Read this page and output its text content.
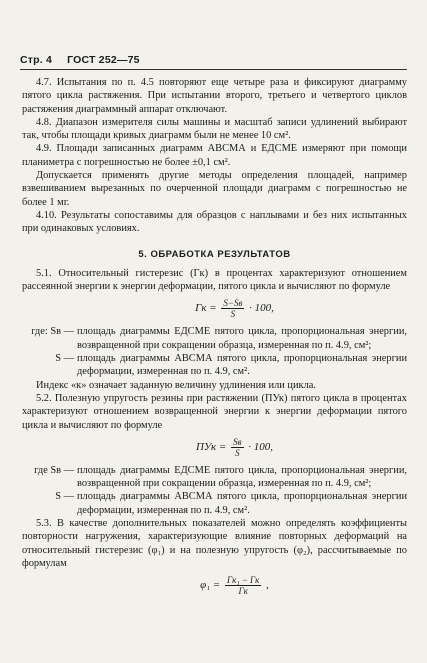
Стр. 4 ГОСТ 252—75

4.7. Испытания по п. 4.5 повторяют еще четыре раза и фиксируют диаграмму пятого цикла растяжения. При испытании второго, третьего и четвертого циклов растяжения диаграммный аппарат отключают.

4.8. Диапазон измерителя силы машины и масштаб записи удлинений выбирают так, чтобы площади кривых диаграмм были не менее 10 см².

4.9. Площади записанных диаграмм АВСМА и ЕДСМЕ измеряют при помощи планиметра с погрешностью не более ±0,1 см².

Допускается применять другие методы определения площадей, например взвешиванием вырезанных по очерченной площади диаграмм с погрешностью не более 1 мг.

4.10. Результаты сопоставимы для образцов с наплывами и без них испытанных при одинаковых условиях.

5. ОБРАБОТКА РЕЗУЛЬТАТОВ

5.1. Относительный гистерезис (Гк) в процентах характеризуют отношением рассеянной энергии к энергии деформации, пятого цикла и вычисляют по формуле

Гк = $\frac{S-Sв}{S} \cdot 100$,
где: Sв — площадь диаграммы ЕДСМЕ пятого цикла, пропорциональная энергии, возвращенной при сокращении образца, измеренная по п. 4.9, см²;
S — площадь диаграммы АВСМА пятого цикла, пропорциональная энергии деформации, измеренная по п. 4.9, см².

Индекс «к» означает заданную величину удлинения или цикла.

5.2. Полезную упругость резины при растяжении (ПУк) пятого цикла в процентах характеризуют отношением возвращенной энергии к энергии деформации пятого цикла и вычисляют по формуле

ПУк = $\frac{Sв}{S} \cdot 100$,
где Sв — площадь диаграммы ЕДСМЕ пятого цикла, пропорциональная энергии, возвращенной при сокращении образца, измеренная по п. 4.9, см²;
S — площадь диаграммы АВСМА пятого цикла, пропорциональная энергии деформации, измеренная по п. 4.9, см².

5.3. В качестве дополнительных показателей можно определять коэффициенты повторности нагружения, характеризующие влияние повторных деформаций на относительный гистерезис (φ₁) и на полезную упругость (φ₂), рассчитываемые по формулам

$\varphi_1 = \frac{\text{Гк₁ − Гк}}{Гк}$ ,
